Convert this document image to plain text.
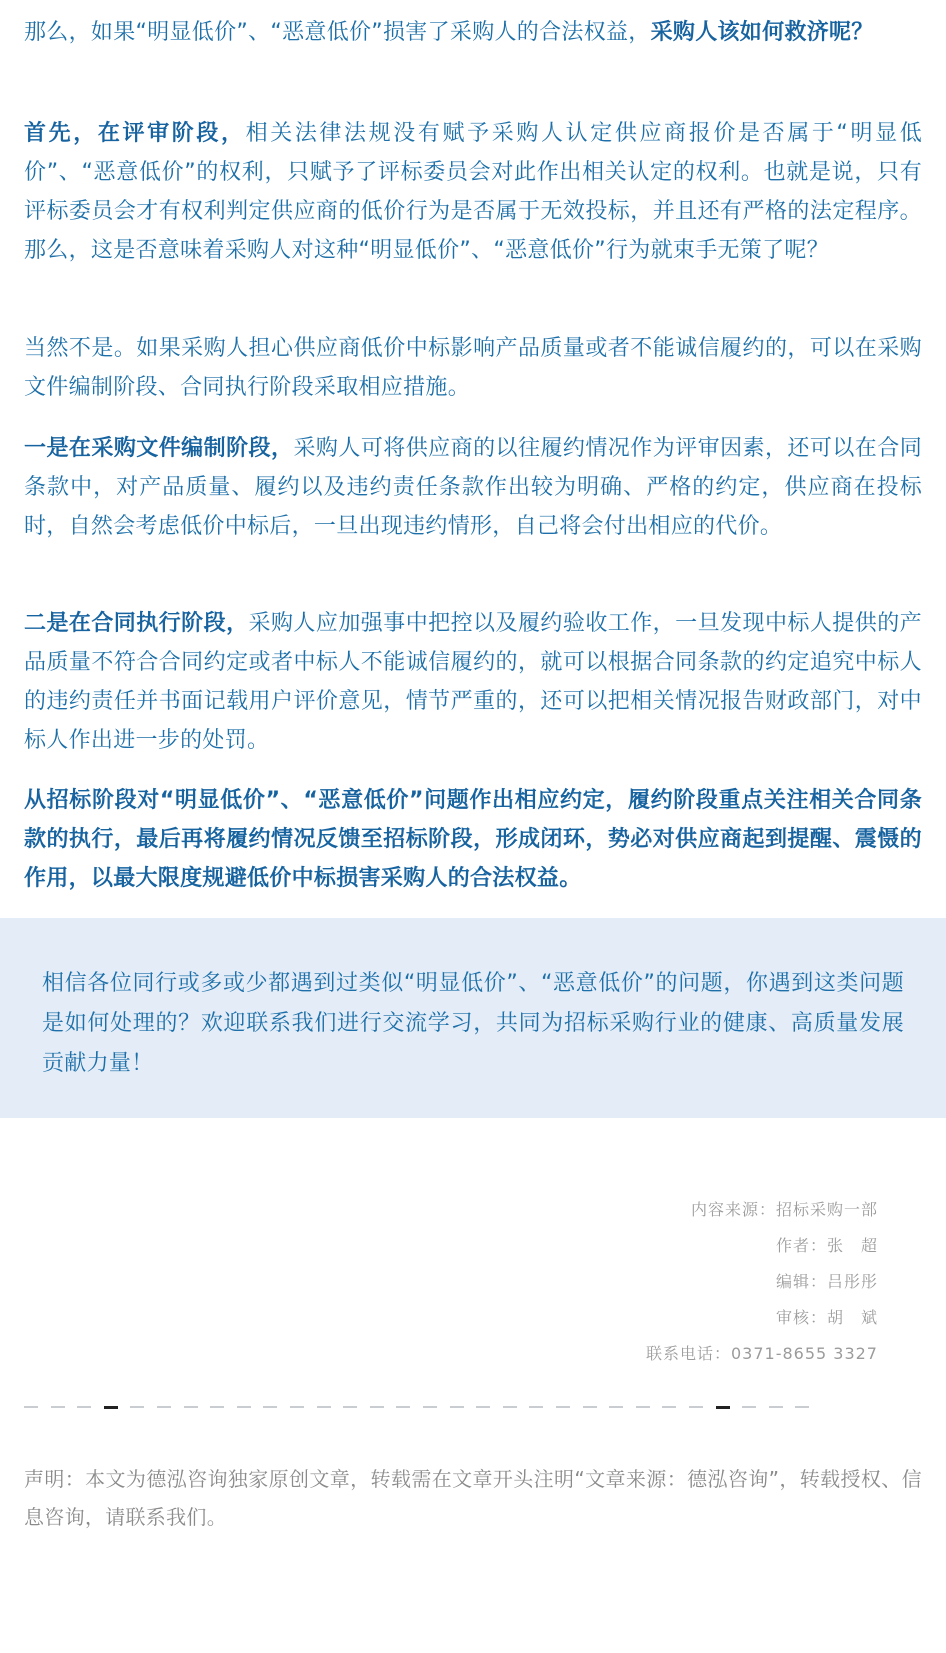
那么，如果“明显低价”、“恶意低价”损害了采购人的合法权益，采购人该如何救济呢？

首先，在评审阶段，相关法律法规没有赋予采购人认定供应商报价是否属于“明显低价”、“恶意低价”的权利，只赋予了评标委员会对此作出相关认定的权利。也就是说，只有评标委员会才有权利判定供应商的低价行为是否属于无效投标，并且还有严格的法定程序。那么，这是否意味着采购人对这种“明显低价”、“恶意低价”行为就束手无策了呢？

当然不是。如果采购人担心供应商低价中标影响产品质量或者不能诚信履约的，可以在采购文件编制阶段、合同执行阶段采取相应措施。

一是在采购文件编制阶段，采购人可将供应商的以往履约情况作为评审因素，还可以在合同条款中，对产品质量、履约以及违约责任条款作出较为明确、严格的约定，供应商在投标时，自然会考虑低价中标后，一旦出现违约情形，自己将会付出相应的代价。

二是在合同执行阶段，采购人应加强事中把控以及履约验收工作，一旦发现中标人提供的产品质量不符合合同约定或者中标人不能诚信履约的，就可以根据合同条款的约定追究中标人的违约责任并书面记载用户评价意见，情节严重的，还可以把相关情况报告财政部门，对中标人作出进一步的处罚。

从招标阶段对“明显低价”、“恶意低价”问题作出相应约定，履约阶段重点关注相关合同条款的执行，最后再将履约情况反馈至招标阶段，形成闭环，势必对供应商起到提醒、震慑的作用，以最大限度规避低价中标损害采购人的合法权益。

相信各位同行或多或少都遇到过类似“明显低价”、“恶意低价”的问题，你遇到这类问题是如何处理的？欢迎联系我们进行交流学习，共同为招标采购行业的健康、高质量发展贡献力量！
内容来源：招标采购一部
作者：张　超
编辑：吕彤彤
审核：胡　斌
联系电话：0371-8655 3327
声明：本文为德泓咨询独家原创文章，转载需在文章开头注明“文章来源：德泓咨询”，转载授权、信息咨询，请联系我们。
